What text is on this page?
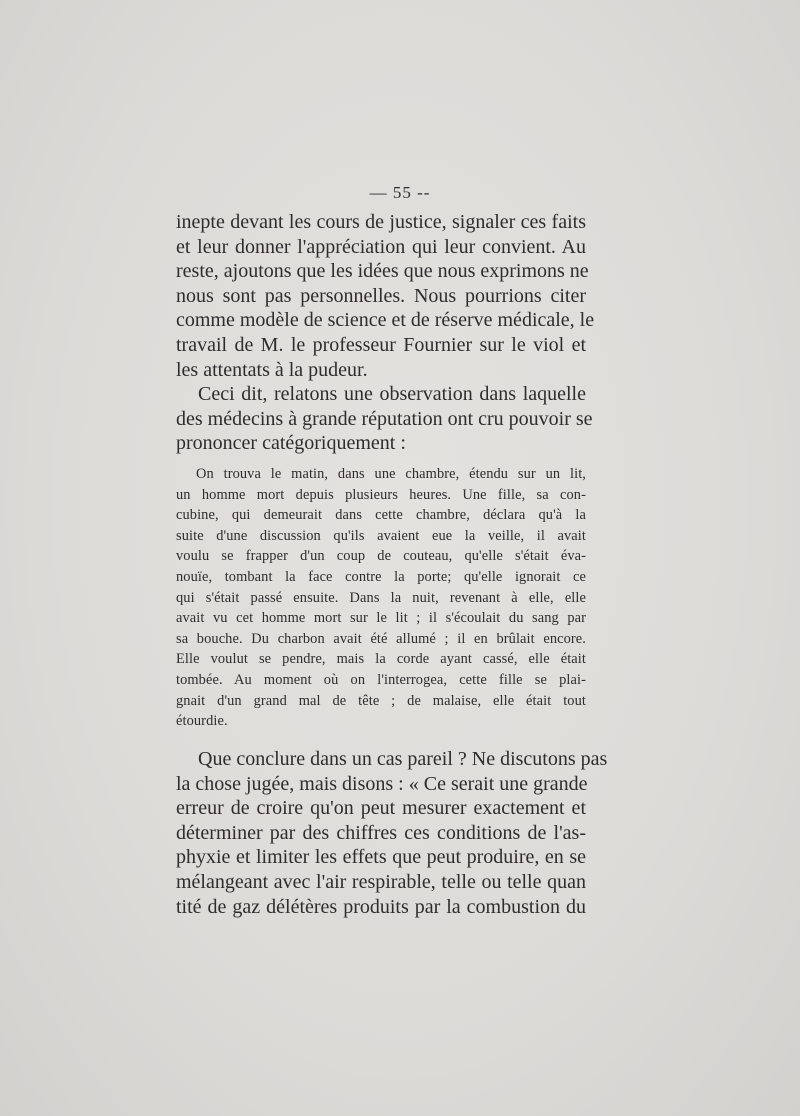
— 55 --
inepte devant les cours de justice, signaler ces faits
et leur donner l'appréciation qui leur convient. Au
reste, ajoutons que les idées que nous exprimons ne
nous sont pas personnelles. Nous pourrions citer
comme modèle de science et de réserve médicale, le
travail de M. le professeur Fournier sur le viol et
les attentats à la pudeur.
Ceci dit, relatons une observation dans laquelle
des médecins à grande réputation ont cru pouvoir se
prononcer catégoriquement :
On trouva le matin, dans une chambre, étendu sur un lit,
un homme mort depuis plusieurs heures. Une fille, sa con-
cubine, qui demeurait dans cette chambre, déclara qu'à la
suite d'une discussion qu'ils avaient eue la veille, il avait
voulu se frapper d'un coup de couteau, qu'elle s'était éva-
nouïe, tombant la face contre la porte; qu'elle ignorait ce
qui s'était passé ensuite. Dans la nuit, revenant à elle, elle
avait vu cet homme mort sur le lit ; il s'écoulait du sang par
sa bouche. Du charbon avait été allumé ; il en brûlait encore.
Elle voulut se pendre, mais la corde ayant cassé, elle était
tombée. Au moment où on l'interrogea, cette fille se plai-
gnait d'un grand mal de tête ; de malaise, elle était tout
étourdie.
Que conclure dans un cas pareil ? Ne discutons pas
la chose jugée, mais disons : « Ce serait une grande
erreur de croire qu'on peut mesurer exactement et
déterminer par des chiffres ces conditions de l'as-
phyxie et limiter les effets que peut produire, en se
mélangeant avec l'air respirable, telle ou telle quan
tité de gaz délétères produits par la combustion du
